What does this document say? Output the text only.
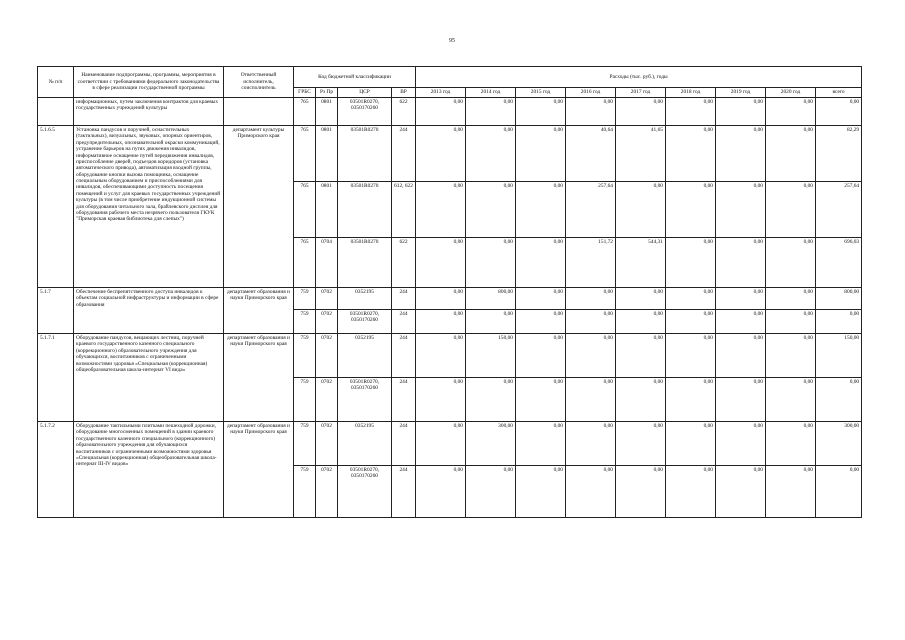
95
№ п/п	Наименование подпрограммы, программы, мероприятия в соответствии с требованиями федерального законодательства в сфере реализации государственной программы	Ответственный исполнитель, соисполнитель	Код бюджетной классификации				Расходы (тыс. руб.), годы								
			ГРБС	Рз Пр	ЦСР	ВР	2013 год	2014 год	2015 год	2016 год	2017 год	2018 год	2019 год	2020 год	всего
	информационных, путем заключения контрактов для краевых государственных учреждений культуры		765	0801	03501R0270, 0350170260	622	0,00	0,00	0,00	0,00	0,00	0,00	0,00	0,00	0,00
5.1.6.5	Установка пандусов и поручней, оснастительных (тактильных), визуальных, звуковых, опорных ориентиров, предупредительных, опознавательной окраски коммуникаций, устранение барьеров на путях движения инвалидов, информативное оснащение путей передвижения инвалидов, приспособление дверей, подъездов коридоров (установка автоматического привода), автоматизация входной группы, оборудование кнопки вызова помощника, оснащение специальным оборудованием и приспособлениями для инвалидов, обеспечивающими доступность посещения помещений и услуг для краевых государственных учреждений культуры (в том числе приобретение индукционной системы для оборудования читального зала, брайлевского дисплея для оборудования рабочего места незрячего пользователя ГКУК "Приморская краевая библиотека для слепых")	департамент культуры Приморского края	765	0801	03501R0270	244	0,00	0,00	0,00	40,64	41,65	0,00	0,00	0,00	82,29
			765	0801	03501R0270	612, 622	0,00	0,00	0,00	257,64	0,00	0,00	0,00	0,00	257,64
			765	0704	03501R0270	622	0,00	0,00	0,00	151,72	544,31	0,00	0,00	0,00	696,03
5.1.7	Обеспечение беспрепятственного доступа инвалидов к объектам социальной инфраструктуры и информации в сфере образования	департамент образования и науки Приморского края	759	0702	0352195	244	0,00	800,00	0,00	0,00	0,00	0,00	0,00	0,00	800,00
			759	0702	03501R0270, 0350170260	244	0,00	0,00	0,00	0,00	0,00	0,00	0,00	0,00	0,00
5.1.7.1	Оборудование пандусов, вещающих лестниц, поручней краевого государственного казенного специального (коррекционного) образовательного учреждения для обучающихся, воспитанников с ограниченными возможностями здоровья «Специальная (коррекционная) общеобразовательная школа-интернат VI вида»	департамент образования и науки Приморского края	759	0702	0352195	244	0,00	150,00	0,00	0,00	0,00	0,00	0,00	0,00	150,00
			759	0702	03501R0270, 0350170260	244	0,00	0,00	0,00	0,00	0,00	0,00	0,00	0,00	0,00
5.1.7.2	Оборудование тактильными плитками пешеходной дорожки, оборудование многосменных помещений в здании краевого государственного казенного специального (коррекционного) образовательного учреждения для обучающихся воспитанников с ограниченными возможностями здоровья «Специальная (коррекционная) общеобразовательная школа-интернат III-IV видов»	департамент образования и науки Приморского края	759	0702	0352195	244	0,00	300,00	0,00	0,00	0,00	0,00	0,00	0,00	300,00
			759	0702	03501R0270, 0350170260	244	0,00	0,00	0,00	0,00	0,00	0,00	0,00	0,00	0,00
